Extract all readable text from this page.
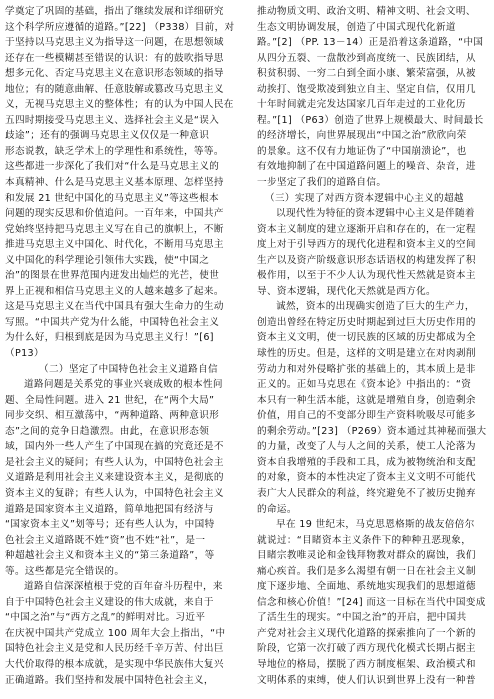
学奠定了巩固的基础，指出了继续发展和详细研究
这个科学所应遵循的道路。”[22] （P338）目前，对
于坚持以马克思主义为指导这一问题，在思想领域
还存在一些模糊甚至错误的认识：有的鼓吹指导思
想多元化、否定马克思主义在意识形态领域的指导
地位；有的随意曲解、任意肢解或篡改马克思主义
义，无视马克思主义的整体性；有的认为中国人民在
五四时期接受马克思主义、选择社会主义是“误入
歧途”；还有的强调马克思主义仅仅是一种意识
形态说教，缺乏学术上的学理性和系统性，等等。
这些都进一步深化了我们对“什么是马克思主义的
本真精神、什么是马克思主义基本原理、怎样坚持
和发展 21 世纪中国化的马克思主义”等这些根本
问题的现实反思和价值追问。一百年来，中国共产
党始终坚持把马克思主义写在自己的旗帜上，不断
推进马克思主义中国化、时代化，不断用马克思主
义中国化的科学理论引领伟大实践，使“中国之
治”的图景在世界范围内迸发出灿烂的光芒，使世
界上正视和相信马克思主义的人越来越多了起来。
这是马克思主义在当代中国具有强大生命力的生动
写照。“中国共产党为什么能，中国特色社会主义
为什么好，归根到底是因为马克思主义行！”[6]
（P13）
（二）坚定了中国特色社会主义道路自信
道路问题是关系党的事业兴衰成败的根本性问
题、全局性问题。进入 21 世纪，在“两个大局”
同步交织、相互激荡中，“两种道路、两种意识形
态”之间的竞争日趋激烈。由此，在意识形态领
域，国内外一些人产生了中国现在搞的究竟还是不
是社会主义的疑问；有些人认为，中国特色社会主
义道路是利用社会主义来建设资本主义，是彻底的
资本主义的复辟；有些人认为，中国特色社会主义
道路是国家资本主义道路，简单地把国有经济与
“国家资本主义”划等号；还有些人认为，中国特
色社会主义道路既不姓“资”也不姓“社”，是一
种超越社会主义和资本主义的“第三条道路”，等
等。这些都是完全错误的。
道路自信深深植根于党的百年奋斗历程中，来
自于中国特色社会主义建设的伟大成就，来自于
“中国之治”与“西方之乱”的鲜明对比。习近平
在庆祝中国共产党成立 100 周年大会上指出，“中
国特色社会主义是党和人民历经千辛万苦、付出巨
大代价取得的根本成就，是实现中华民族伟大复兴
正确道路。我们坚持和发展中国特色社会主义，
推动物质文明、政治文明、精神文明、社会文明、
生态文明协调发展，创造了中国式现代化新道
路。”[2] （PP. 13－14）正是沿着这条道路，“中国
从四分五裂、一盘散沙到高度统一、民族团结，从
积贫积弱、一穷二白到全面小康、繁荣富强，从被
动挨打、饱受欺凌到独立自主、坚定自信，仅用几
十年时间就走完发达国家几百年走过的工业化历
程。”[1] （P63）创造了世界上规模最大、时间最长
的经济增长，向世界展现出“中国之治”欣欣向荣
的景象。这不仅有力地证伪了“中国崩溃论”，也
有效地抑制了在中国道路问题上的噪音、杂音，进
一步坚定了我们的道路自信。
（三）实现了对西方资本逻辑中心主义的超越
以现代性为特征的资本逻辑中心主义是伴随着
资本主义制度的建立逐渐开启和存在的，在一定程
度上对于引导西方的现代化进程和资本主义的空间
生产以及资产阶级意识形态话语权的构建发挥了积
极作用，以至于不少人认为现代性天然就是资本主
导、资本逻辑，现代化天然就是西方化。
诚然，资本的出现确实创造了巨大的生产力，
创造出曾经在特定历史时期起到过巨大历史作用的
资本主义文明，使一切民族的区域的历史都成为全
球性的历史。但是，这样的文明是建立在对肉剥削
劳动力和对外侵略扩张的基础上的，其本质上是非
正义的。正如马克思在《资本论》中指出的：“资
本只有一种生活本能，这就是增殖自身，创造剩余
价值，用自己的不变部分即生产资料吮吸尽可能多
的剩余劳动。”[23] （P269）资本通过其神秘而强大
的力量，改变了人与人之间的关系，使工人沦落为
资本自我增殖的手段和工具，成为被物统治和支配
的对象，资本的本性决定了资本主义文明不可能代
表广大人民群众的利益，终究避免不了被历史抛弃
的命运。
早在 19 世纪末，马克思恩格斯的战友倍倍尔
就说过：“目睹资本主义条件下的种种丑恶现象，
目睹宗教唯灵论和金钱拜物教对群众的腐蚀，我们
痛心疾首。我们是多么渴望有朝一日在社会主义制
度下逐步地、全面地、系统地实现我们的思想道德
信念和核心价值！”[24] 而这一目标在当代中国变成
了活生生的现实。“中国之治”的开启，把中国共
产党对社会主义现代化道路的探索推向了一个新的
阶段，它第一次打破了西方现代化模式长期占据主
导地位的格局，摆脱了西方制度框架、政治模式和
文明体系的束缚，使人们认识到世界上没有一种普
